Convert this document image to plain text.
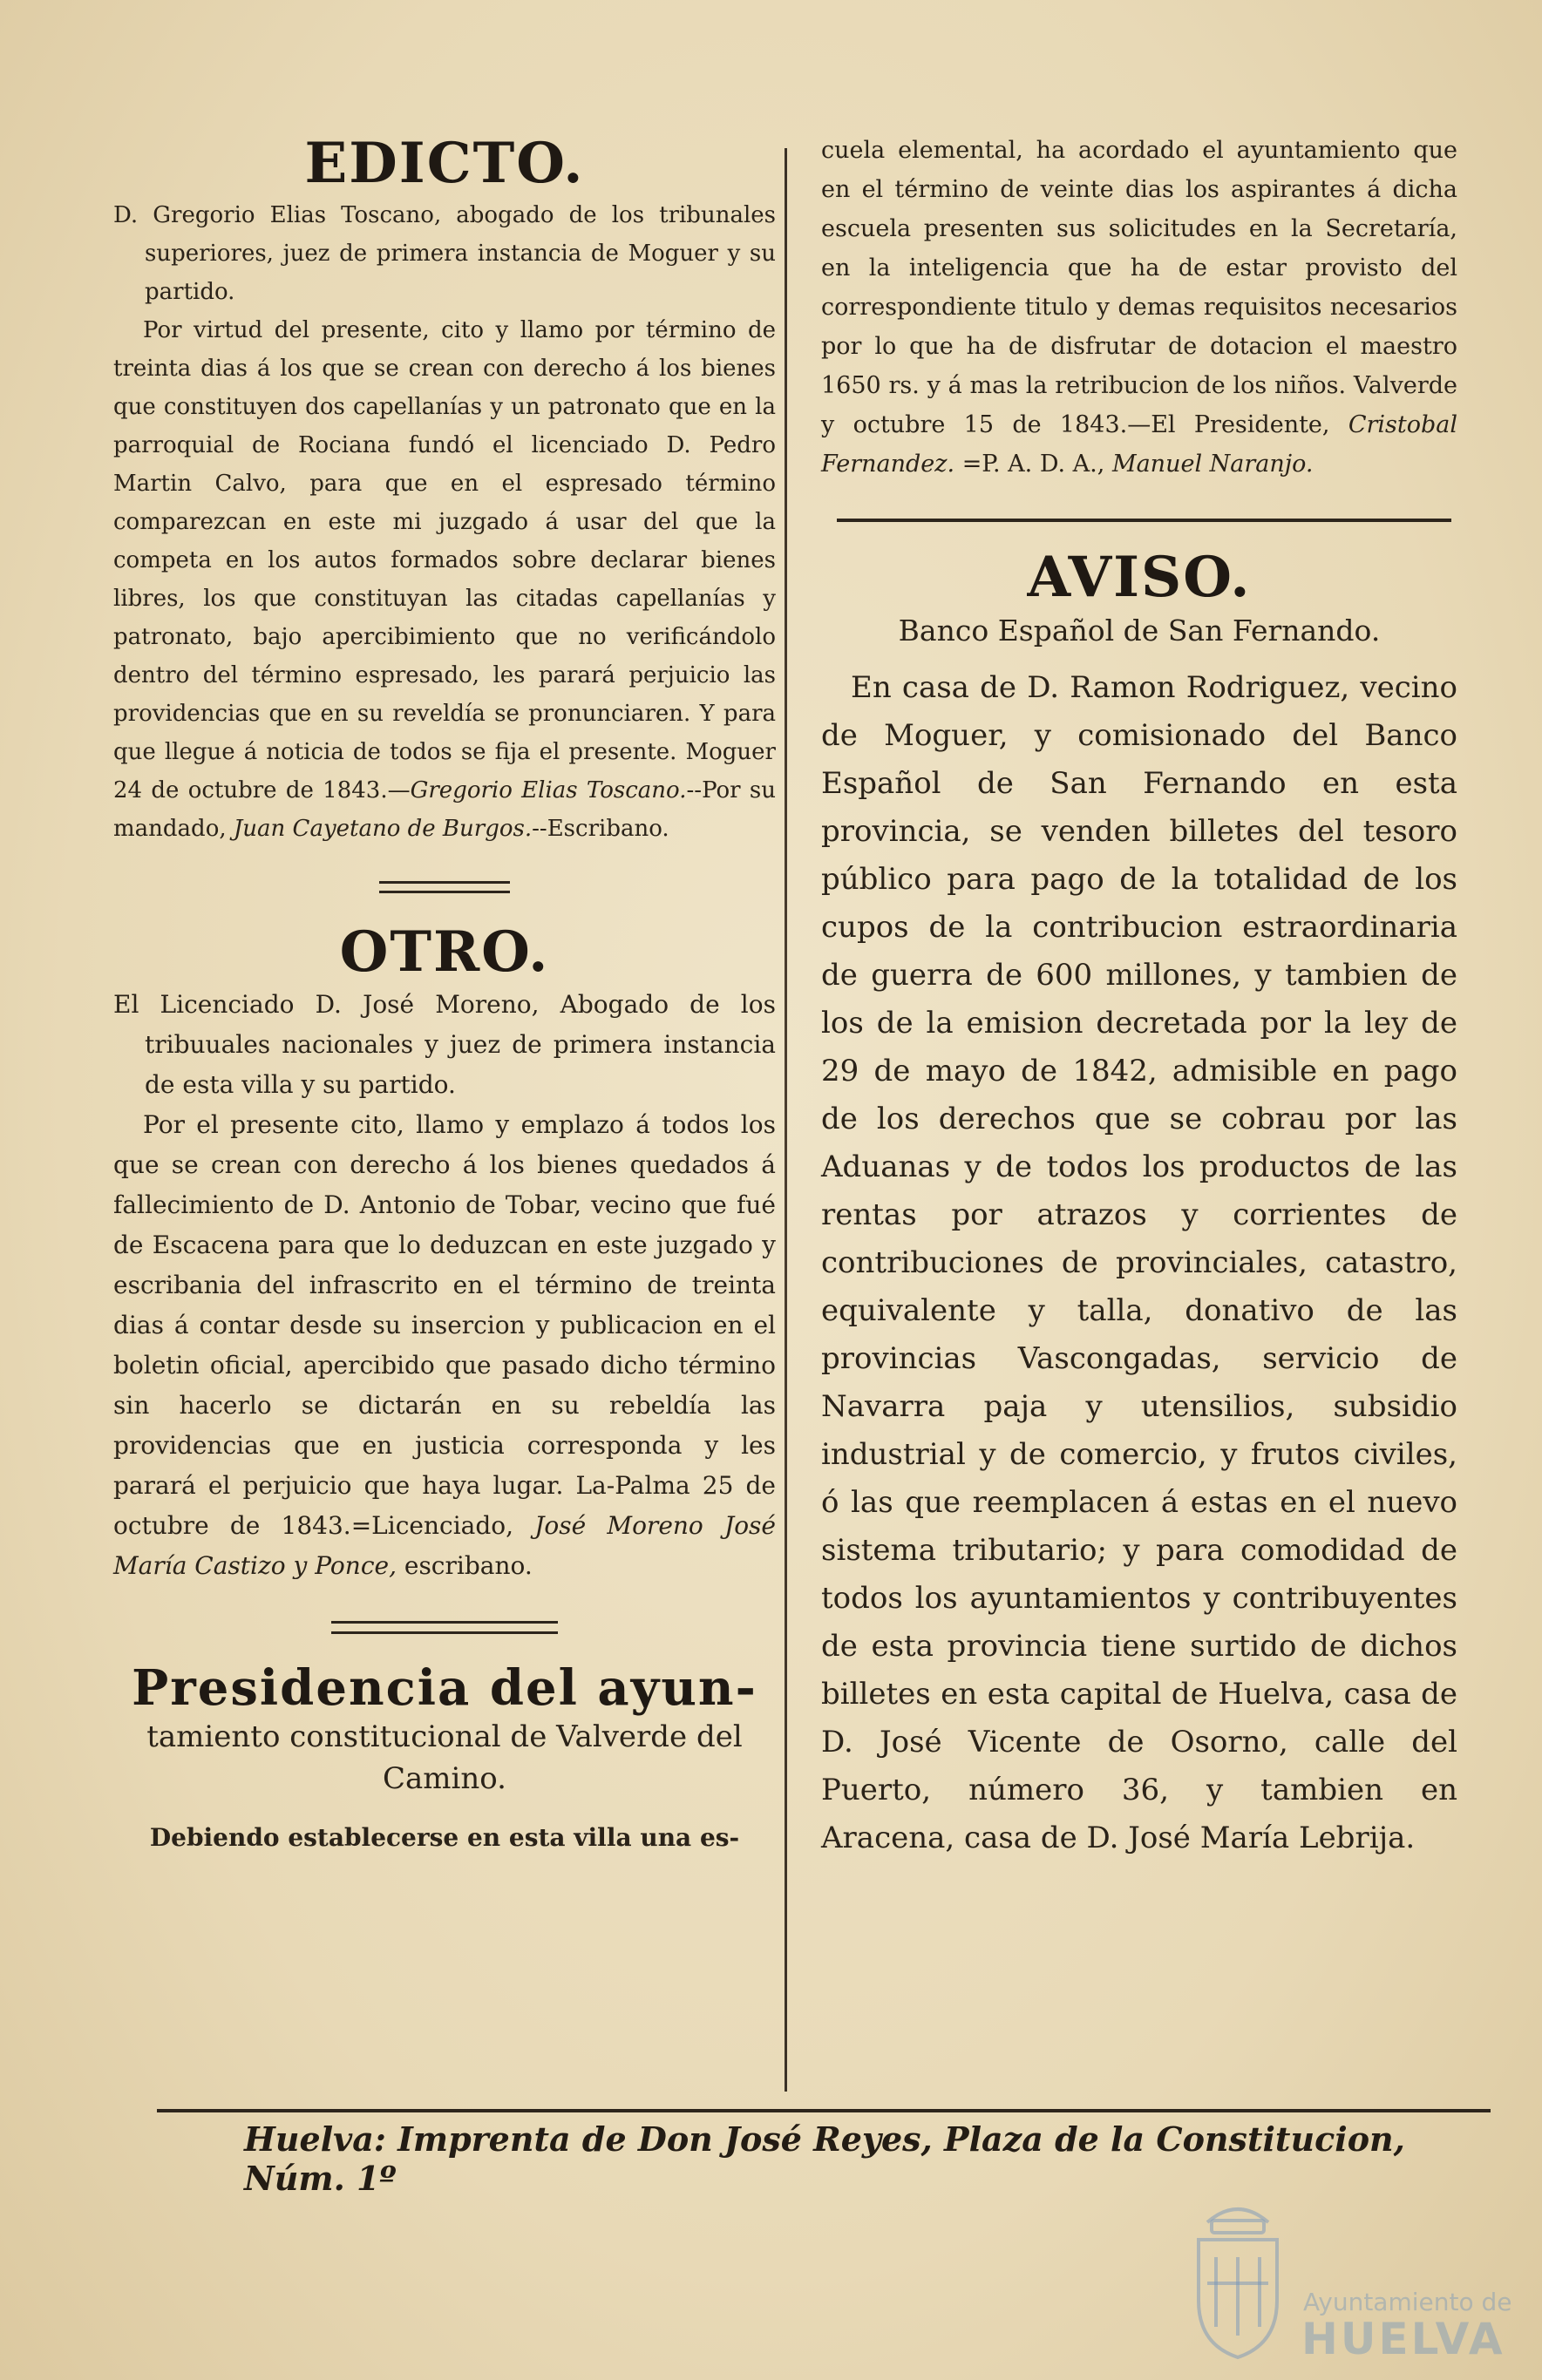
EDICTO.

D. Gregorio Elias Toscano, abogado de los tribunales superiores, juez de primera instancia de Moguer y su partido.

Por virtud del presente, cito y llamo por término de treinta dias á los que se crean con derecho á los bienes que constituyen dos capellanías y un patronato que en la parroquial de Rociana fundó el licenciado D. Pedro Martin Calvo, para que en el espresado término comparezcan en este mi juzgado á usar del que la competa en los autos formados sobre declarar bienes libres, los que constituyan las citadas capellanías y patronato, bajo apercibimiento que no verificándolo dentro del término espresado, les parará perjuicio las providencias que en su reveldía se pronunciaren. Y para que llegue á noticia de todos se fija el presente. Moguer 24 de octubre de 1843.—Gregorio Elias Toscano.--Por su mandado, Juan Cayetano de Burgos.--Escribano.

OTRO.

El Licenciado D. José Moreno, Abogado de los tribuuales nacionales y juez de primera instancia de esta villa y su partido.

Por el presente cito, llamo y emplazo á todos los que se crean con derecho á los bienes quedados á fallecimiento de D. Antonio de Tobar, vecino que fué de Escacena para que lo deduzcan en este juzgado y escribania del infrascrito en el término de treinta dias á contar desde su insercion y publicacion en el boletin oficial, apercibido que pasado dicho término sin hacerlo se dictarán en su rebeldía las providencias que en justicia corresponda y les parará el perjuicio que haya lugar. La-Palma 25 de octubre de 1843.=Licenciado, José Moreno José María Castizo y Ponce, escribano.

Presidencia del ayun-

tamiento constitucional de Valverde del Camino.

Debiendo establecerse en esta villa una es-

cuela elemental, ha acordado el ayuntamiento que en el término de veinte dias los aspirantes á dicha escuela presenten sus solicitudes en la Secretaría, en la inteligencia que ha de estar provisto del correspondiente titulo y demas requisitos necesarios por lo que ha de disfrutar de dotacion el maestro 1650 rs. y á mas la retribucion de los niños. Valverde y octubre 15 de 1843.—El Presidente, Cristobal Fernandez. =P. A. D. A., Manuel Naranjo.

AVISO.

Banco Español de San Fernando.

En casa de D. Ramon Rodriguez, vecino de Moguer, y comisionado del Banco Español de San Fernando en esta provincia, se venden billetes del tesoro público para pago de la totalidad de los cupos de la contribucion estraordinaria de guerra de 600 millones, y tambien de los de la emision decretada por la ley de 29 de mayo de 1842, admisible en pago de los derechos que se cobrau por las Aduanas y de todos los productos de las rentas por atrazos y corrientes de contribuciones de provinciales, catastro, equivalente y talla, donativo de las provincias Vascongadas, servicio de Navarra paja y utensilios, subsidio industrial y de comercio, y frutos civiles, ó las que reemplacen á estas en el nuevo sistema tributario; y para comodidad de todos los ayuntamientos y contribuyentes de esta provincia tiene surtido de dichos billetes en esta capital de Huelva, casa de D. José Vicente de Osorno, calle del Puerto, número 36, y tambien en Aracena, casa de D. José María Lebrija.

Huelva: Imprenta de Don José Reyes, Plaza de la Constitucion, Núm. 1º
Ayuntamiento de
HUELVA
